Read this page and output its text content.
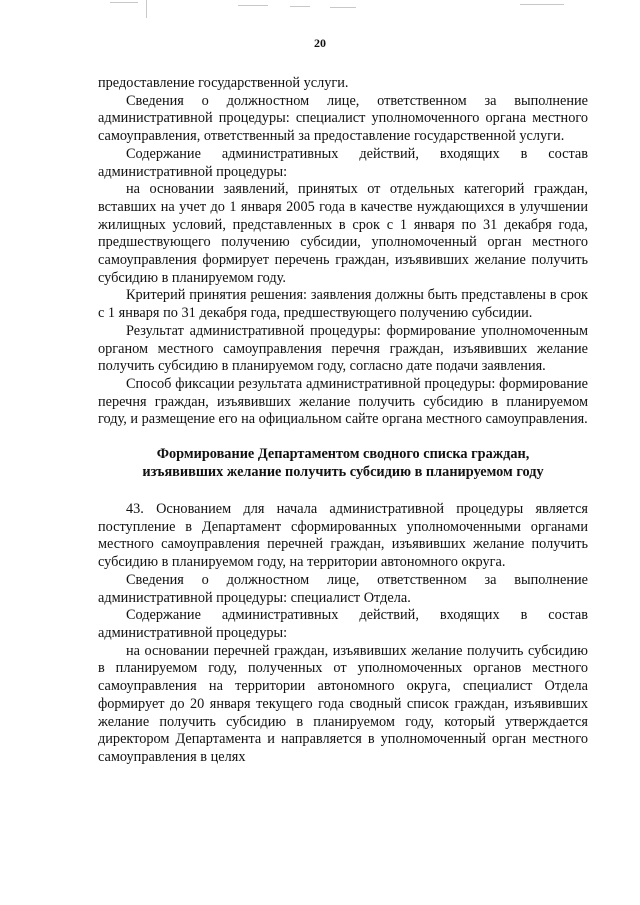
20

предоставление государственной услуги.

Сведения о должностном лице, ответственном за выполнение административной процедуры: специалист уполномоченного органа местного самоуправления, ответственный за предоставление государственной услуги.

Содержание административных действий, входящих в состав административной процедуры:

на основании заявлений, принятых от отдельных категорий граждан, вставших на учет до 1 января 2005 года в качестве нуждающихся в улучшении жилищных условий, представленных в срок с 1 января по 31 декабря года, предшествующего получению субсидии, уполномоченный орган местного самоуправления формирует перечень граждан, изъявивших желание получить субсидию в планируемом году.

Критерий принятия решения: заявления должны быть представлены в срок с 1 января по 31 декабря года, предшествующего получению субсидии.

Результат административной процедуры: формирование уполномоченным органом местного самоуправления перечня граждан, изъявивших желание получить субсидию в планируемом году, согласно дате подачи заявления.

Способ фиксации результата административной процедуры: формирование перечня граждан, изъявивших желание получить субсидию в планируемом году, и размещение его на официальном сайте органа местного самоуправления.

Формирование Департаментом сводного списка граждан,
изъявивших желание получить субсидию в планируемом году

43. Основанием для начала административной процедуры является поступление в Департамент сформированных уполномоченными органами местного самоуправления перечней граждан, изъявивших желание получить субсидию в планируемом году, на территории автономного округа.

Сведения о должностном лице, ответственном за выполнение административной процедуры: специалист Отдела.

Содержание административных действий, входящих в состав административной процедуры:

на основании перечней граждан, изъявивших желание получить субсидию в планируемом году, полученных от уполномоченных органов местного самоуправления на территории автономного округа, специалист Отдела формирует до 20 января текущего года сводный список граждан, изъявивших желание получить субсидию в планируемом году, который утверждается директором Департамента и направляется в уполномоченный орган местного самоуправления в целях
